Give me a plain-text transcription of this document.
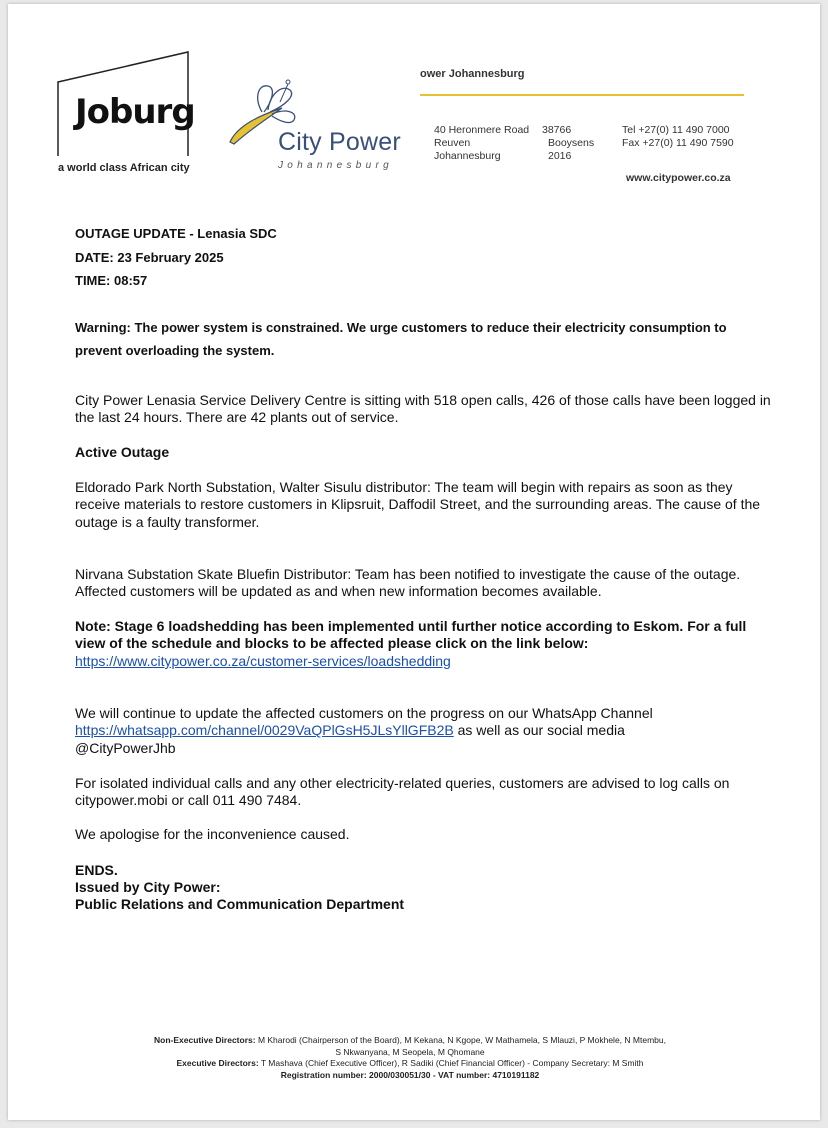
Joburg
a world class African city
City Power
Johannesburg
ower Johannesburg
40 Heronmere Road
Reuven
Johannesburg
38766
Booysens
2016
Tel +27(0) 11 490 7000
Fax +27(0) 11 490 7590
www.citypower.co.za
OUTAGE UPDATE - Lenasia SDC
DATE: 23 February 2025
TIME: 08:57
Warning: The power system is constrained. We urge customers to reduce their electricity consumption to prevent overloading the system.
City Power Lenasia Service Delivery Centre is sitting with 518 open calls, 426 of those calls have been logged in the last 24 hours. There are 42 plants out of service.
Active Outage
Eldorado Park North Substation, Walter Sisulu distributor: The team will begin with repairs as soon as they receive materials to restore customers in Klipsruit, Daffodil Street, and the surrounding areas. The cause of the outage is a faulty transformer.
Nirvana Substation Skate Bluefin Distributor: Team has been notified to investigate the cause of the outage. Affected customers will be updated as and when new information becomes available.
Note: Stage 6 loadshedding has been implemented until further notice according to Eskom. For a full view of the schedule and blocks to be affected please click on the link below:
https://www.citypower.co.za/customer-services/loadshedding
We will continue to update the affected customers on the progress on our WhatsApp Channel
https://whatsapp.com/channel/0029VaQPlGsH5JLsYllGFB2B as well as our social media
@CityPowerJhb
For isolated individual calls and any other electricity-related queries, customers are advised to log calls on citypower.mobi or call 011 490 7484.
We apologise for the inconvenience caused.
ENDS.
Issued by City Power:
Public Relations and Communication Department
Non-Executive Directors: M Kharodi (Chairperson of the Board), M Kekana, N Kgope, W Mathamela, S Mlauzi, P Mokhele, N Mtembu,
S Nkwanyana, M Seopela, M Qhomane
Executive Directors: T Mashava (Chief Executive Officer), R Sadiki (Chief Financial Officer) - Company Secretary: M Smith
Registration number: 2000/030051/30 - VAT number: 4710191182
